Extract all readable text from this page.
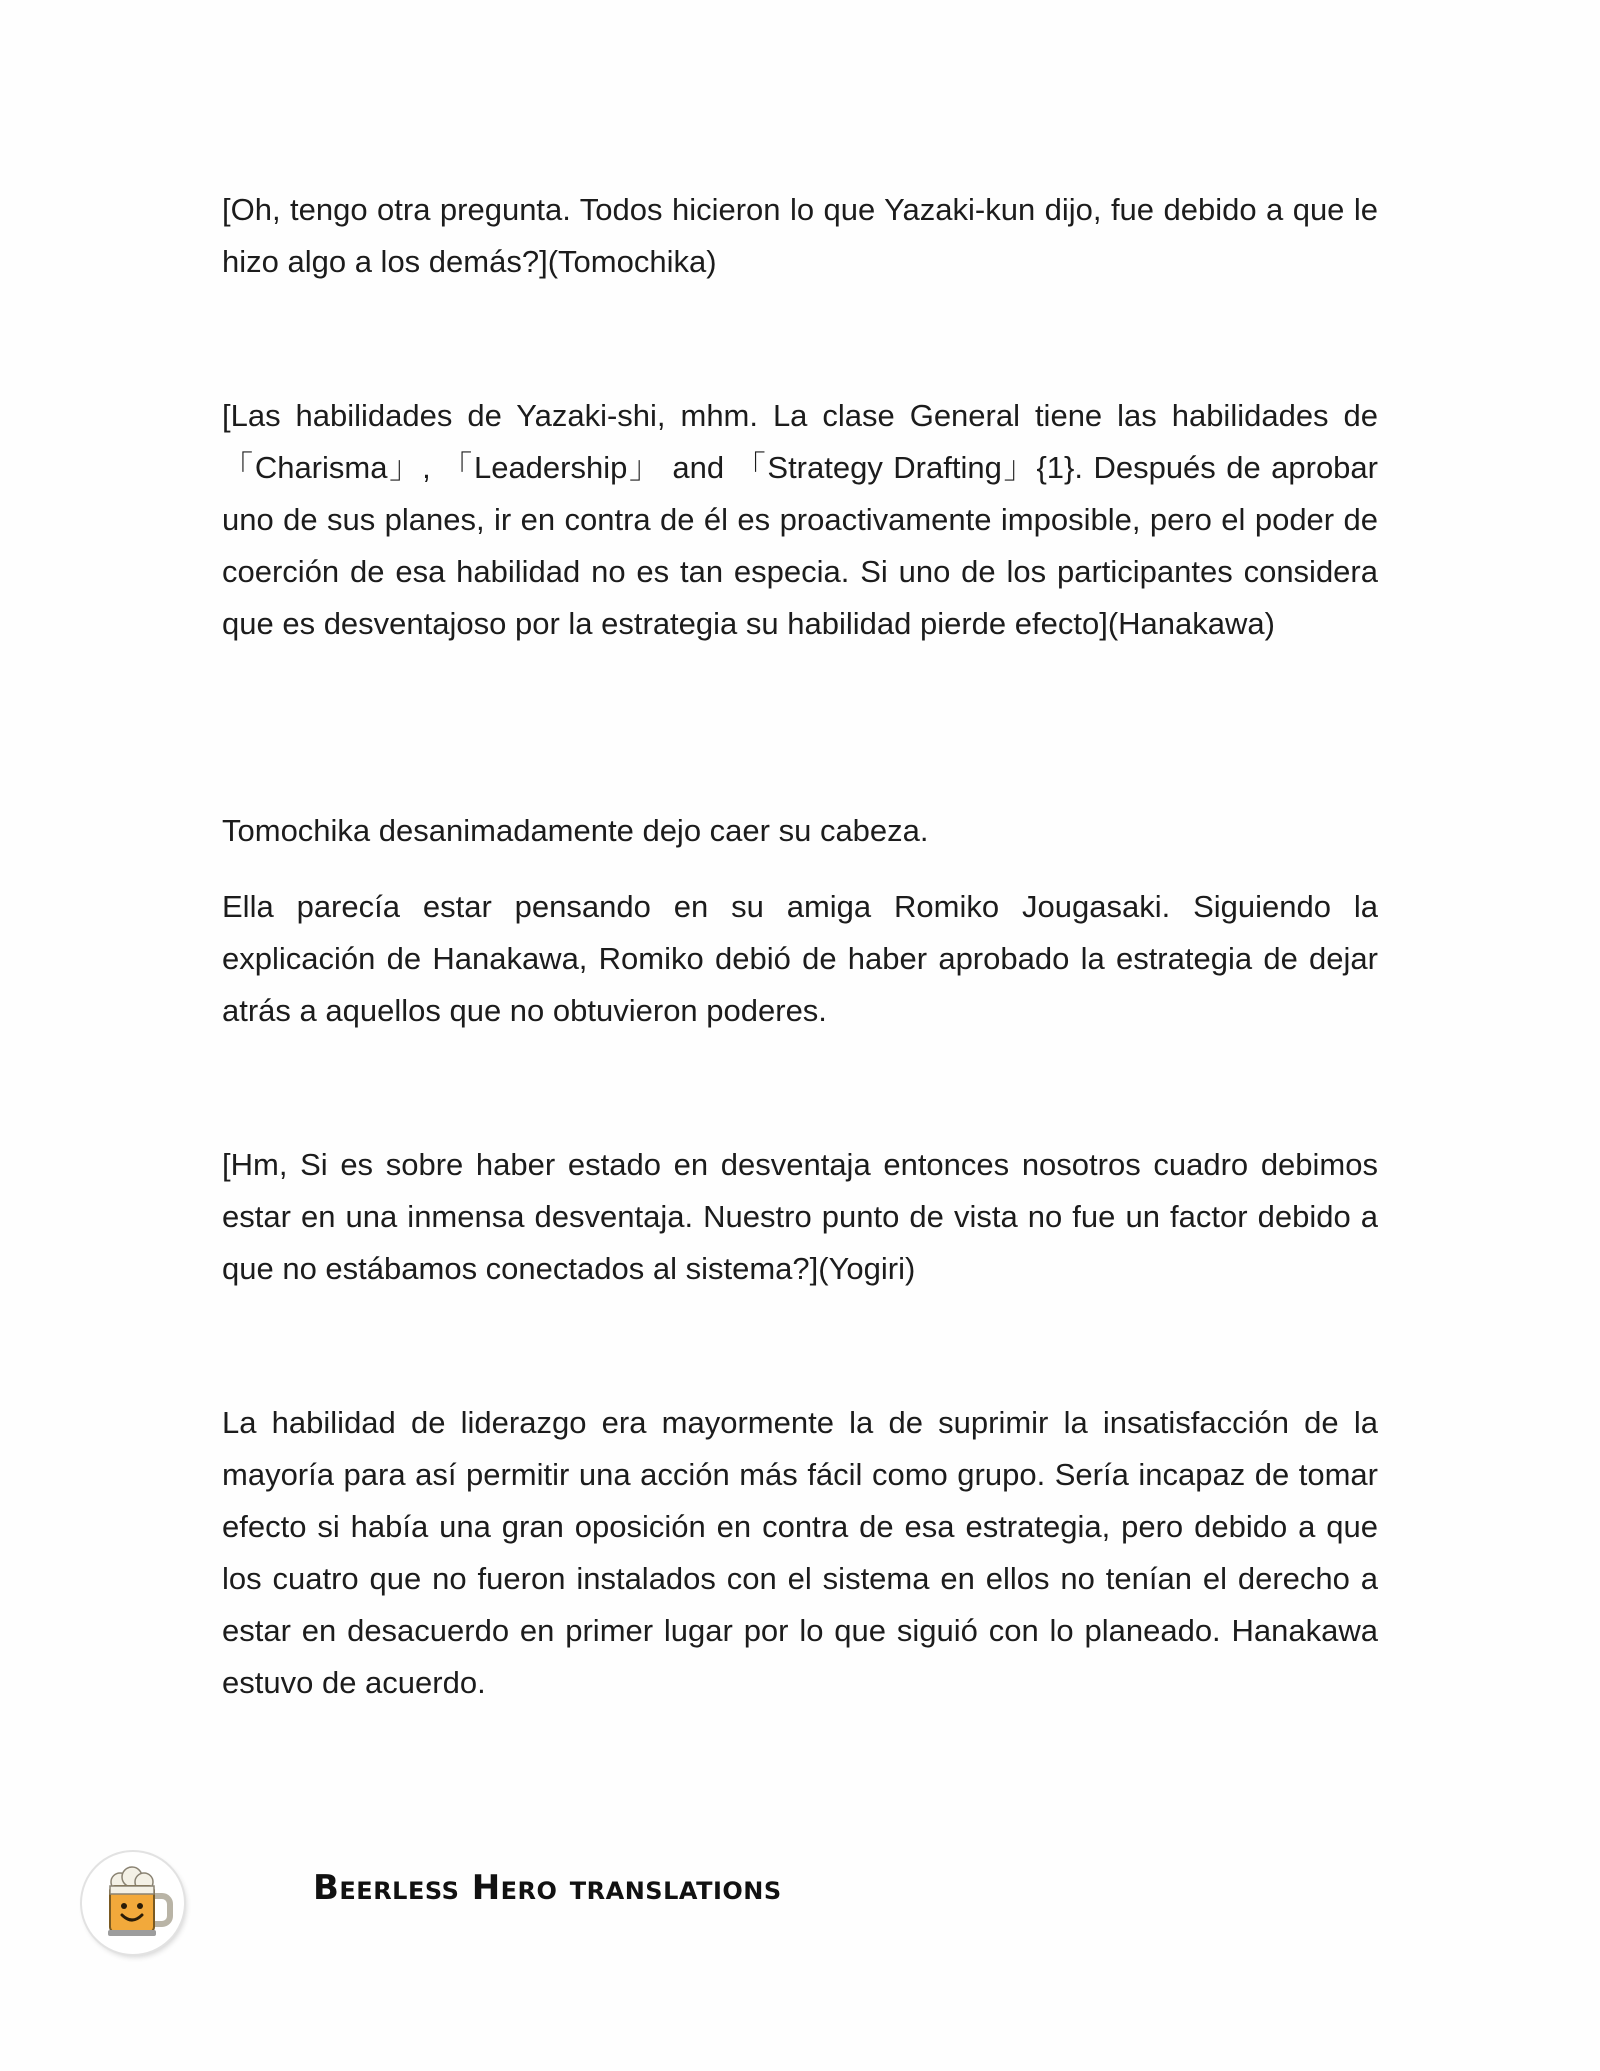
[Oh, tengo otra pregunta. Todos hicieron lo que Yazaki-kun dijo, fue debido a que le hizo algo a los demás?](Tomochika)

[Las habilidades de Yazaki-shi, mhm. La clase General tiene las habilidades de 「Charisma」, 「Leadership」 and 「Strategy Drafting」{1}. Después de aprobar uno de sus planes, ir en contra de él es proactivamente imposible, pero el poder de coerción de esa habilidad no es tan especia. Si uno de los participantes considera que es desventajoso por la estrategia su habilidad pierde efecto](Hanakawa)

Tomochika desanimadamente dejo caer su cabeza.

Ella parecía estar pensando en su amiga Romiko Jougasaki. Siguiendo la explicación de Hanakawa, Romiko debió de haber aprobado la estrategia de dejar atrás a aquellos que no obtuvieron poderes.

[Hm, Si es sobre haber estado en desventaja entonces nosotros cuadro debimos estar en una inmensa desventaja. Nuestro punto de vista no fue un factor debido a que no estábamos conectados al sistema?](Yogiri)

La habilidad de liderazgo era mayormente la de suprimir la insatisfacción de la mayoría para así permitir una acción más fácil como grupo. Sería incapaz de tomar efecto si había una gran oposición en contra de esa estrategia, pero debido a que los cuatro que no fueron instalados con el sistema en ellos no tenían el derecho a estar en desacuerdo en primer lugar por lo que siguió con lo planeado. Hanakawa estuvo de acuerdo.

Beerless Hero translations
